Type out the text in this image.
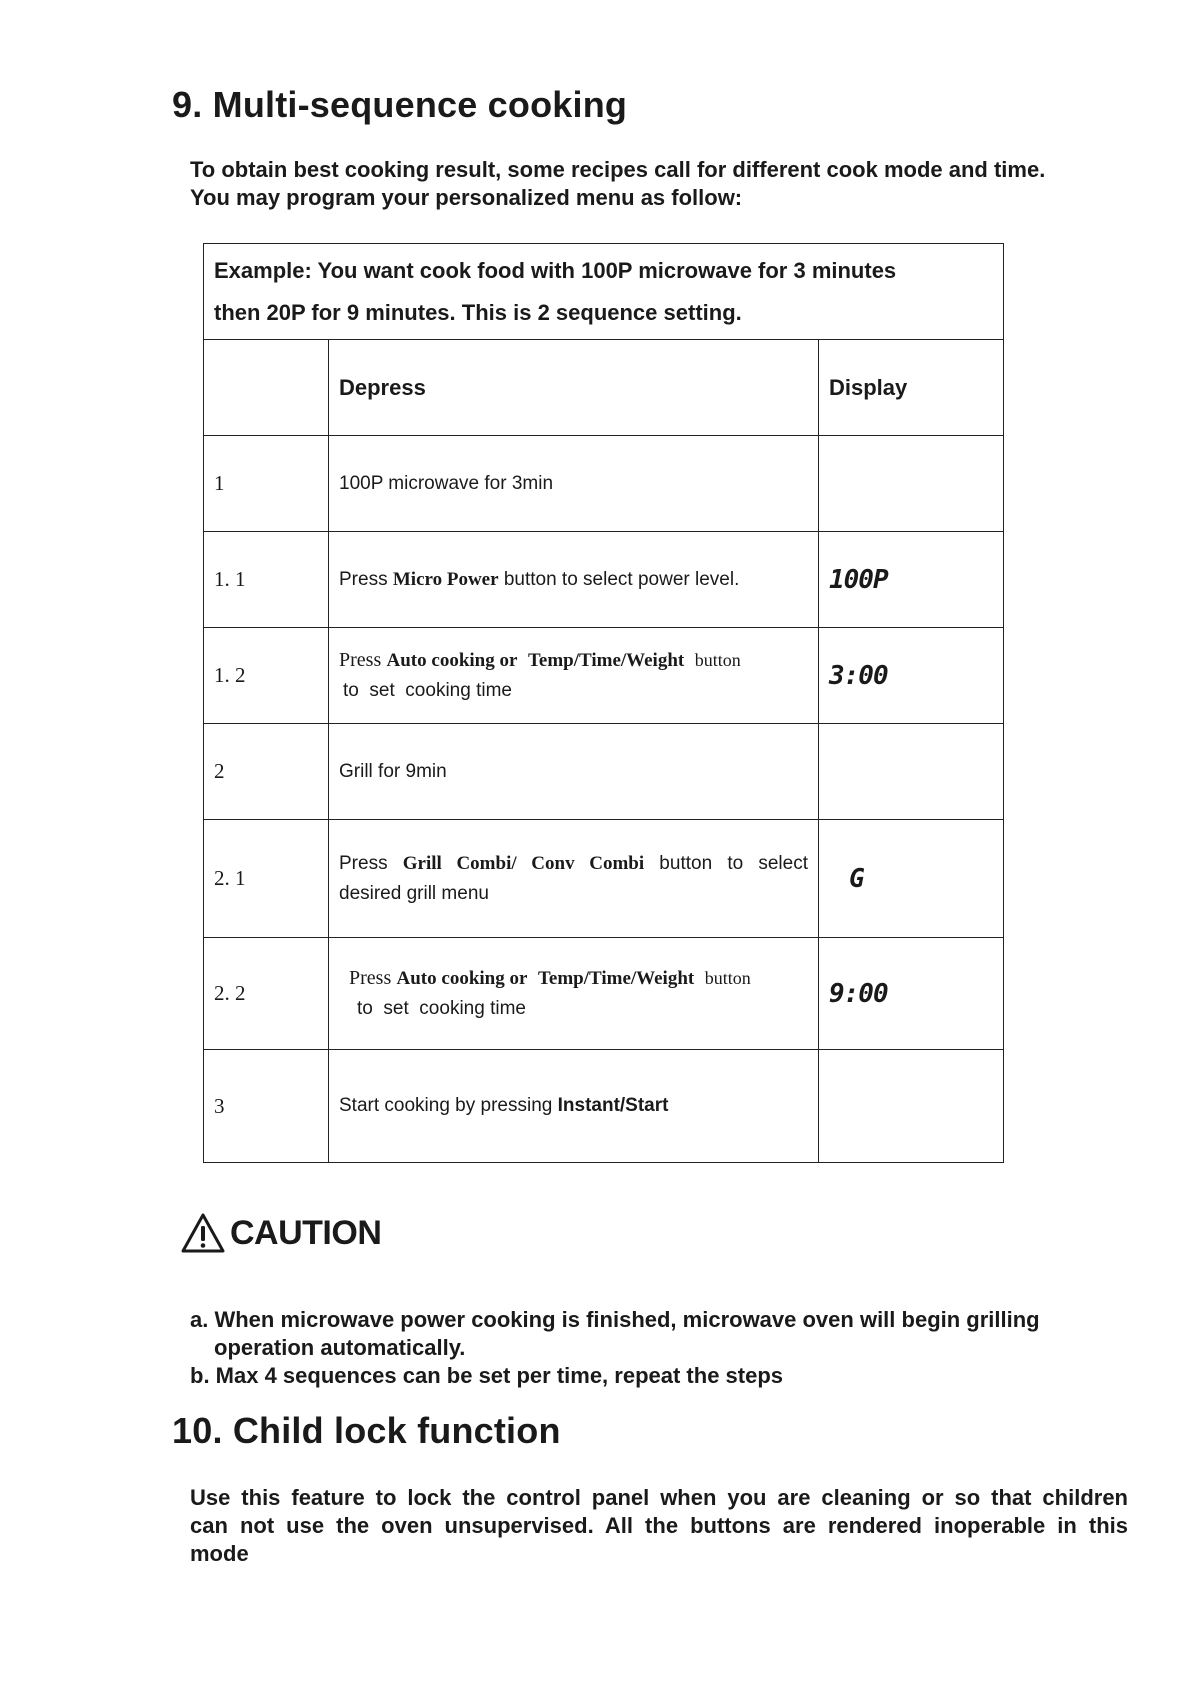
9. Multi-sequence cooking
To obtain best cooking result, some recipes call for different cook mode and time.
You may program your personalized menu as follow:
Example: You want cook food with 100P microwave for 3 minutes
then 20P for 9 minutes. This is 2 sequence setting.		

	Depress	Display
1	100P microwave for 3min	
1. 1	Press Micro Power button to select power level.	100P
1. 2	Press Auto cooking or Temp/Time/Weight button
to  set  cooking time	3:00
2	Grill for 9min	
2. 1	Press Grill Combi/ Conv Combi button to select
desired grill menu	G
2. 2	Press Auto cooking or Temp/Time/Weight button
to  set  cooking time	9:00
3	Start cooking by pressing Instant/Start	
CAUTION
a. When microwave power cooking is finished, microwave oven will begin grilling
operation automatically.
b. Max 4 sequences can be set per time, repeat the steps
10. Child lock function
Use this feature to lock the control panel when you are cleaning or so that children can not use the oven unsupervised. All the buttons are rendered inoperable in this mode
